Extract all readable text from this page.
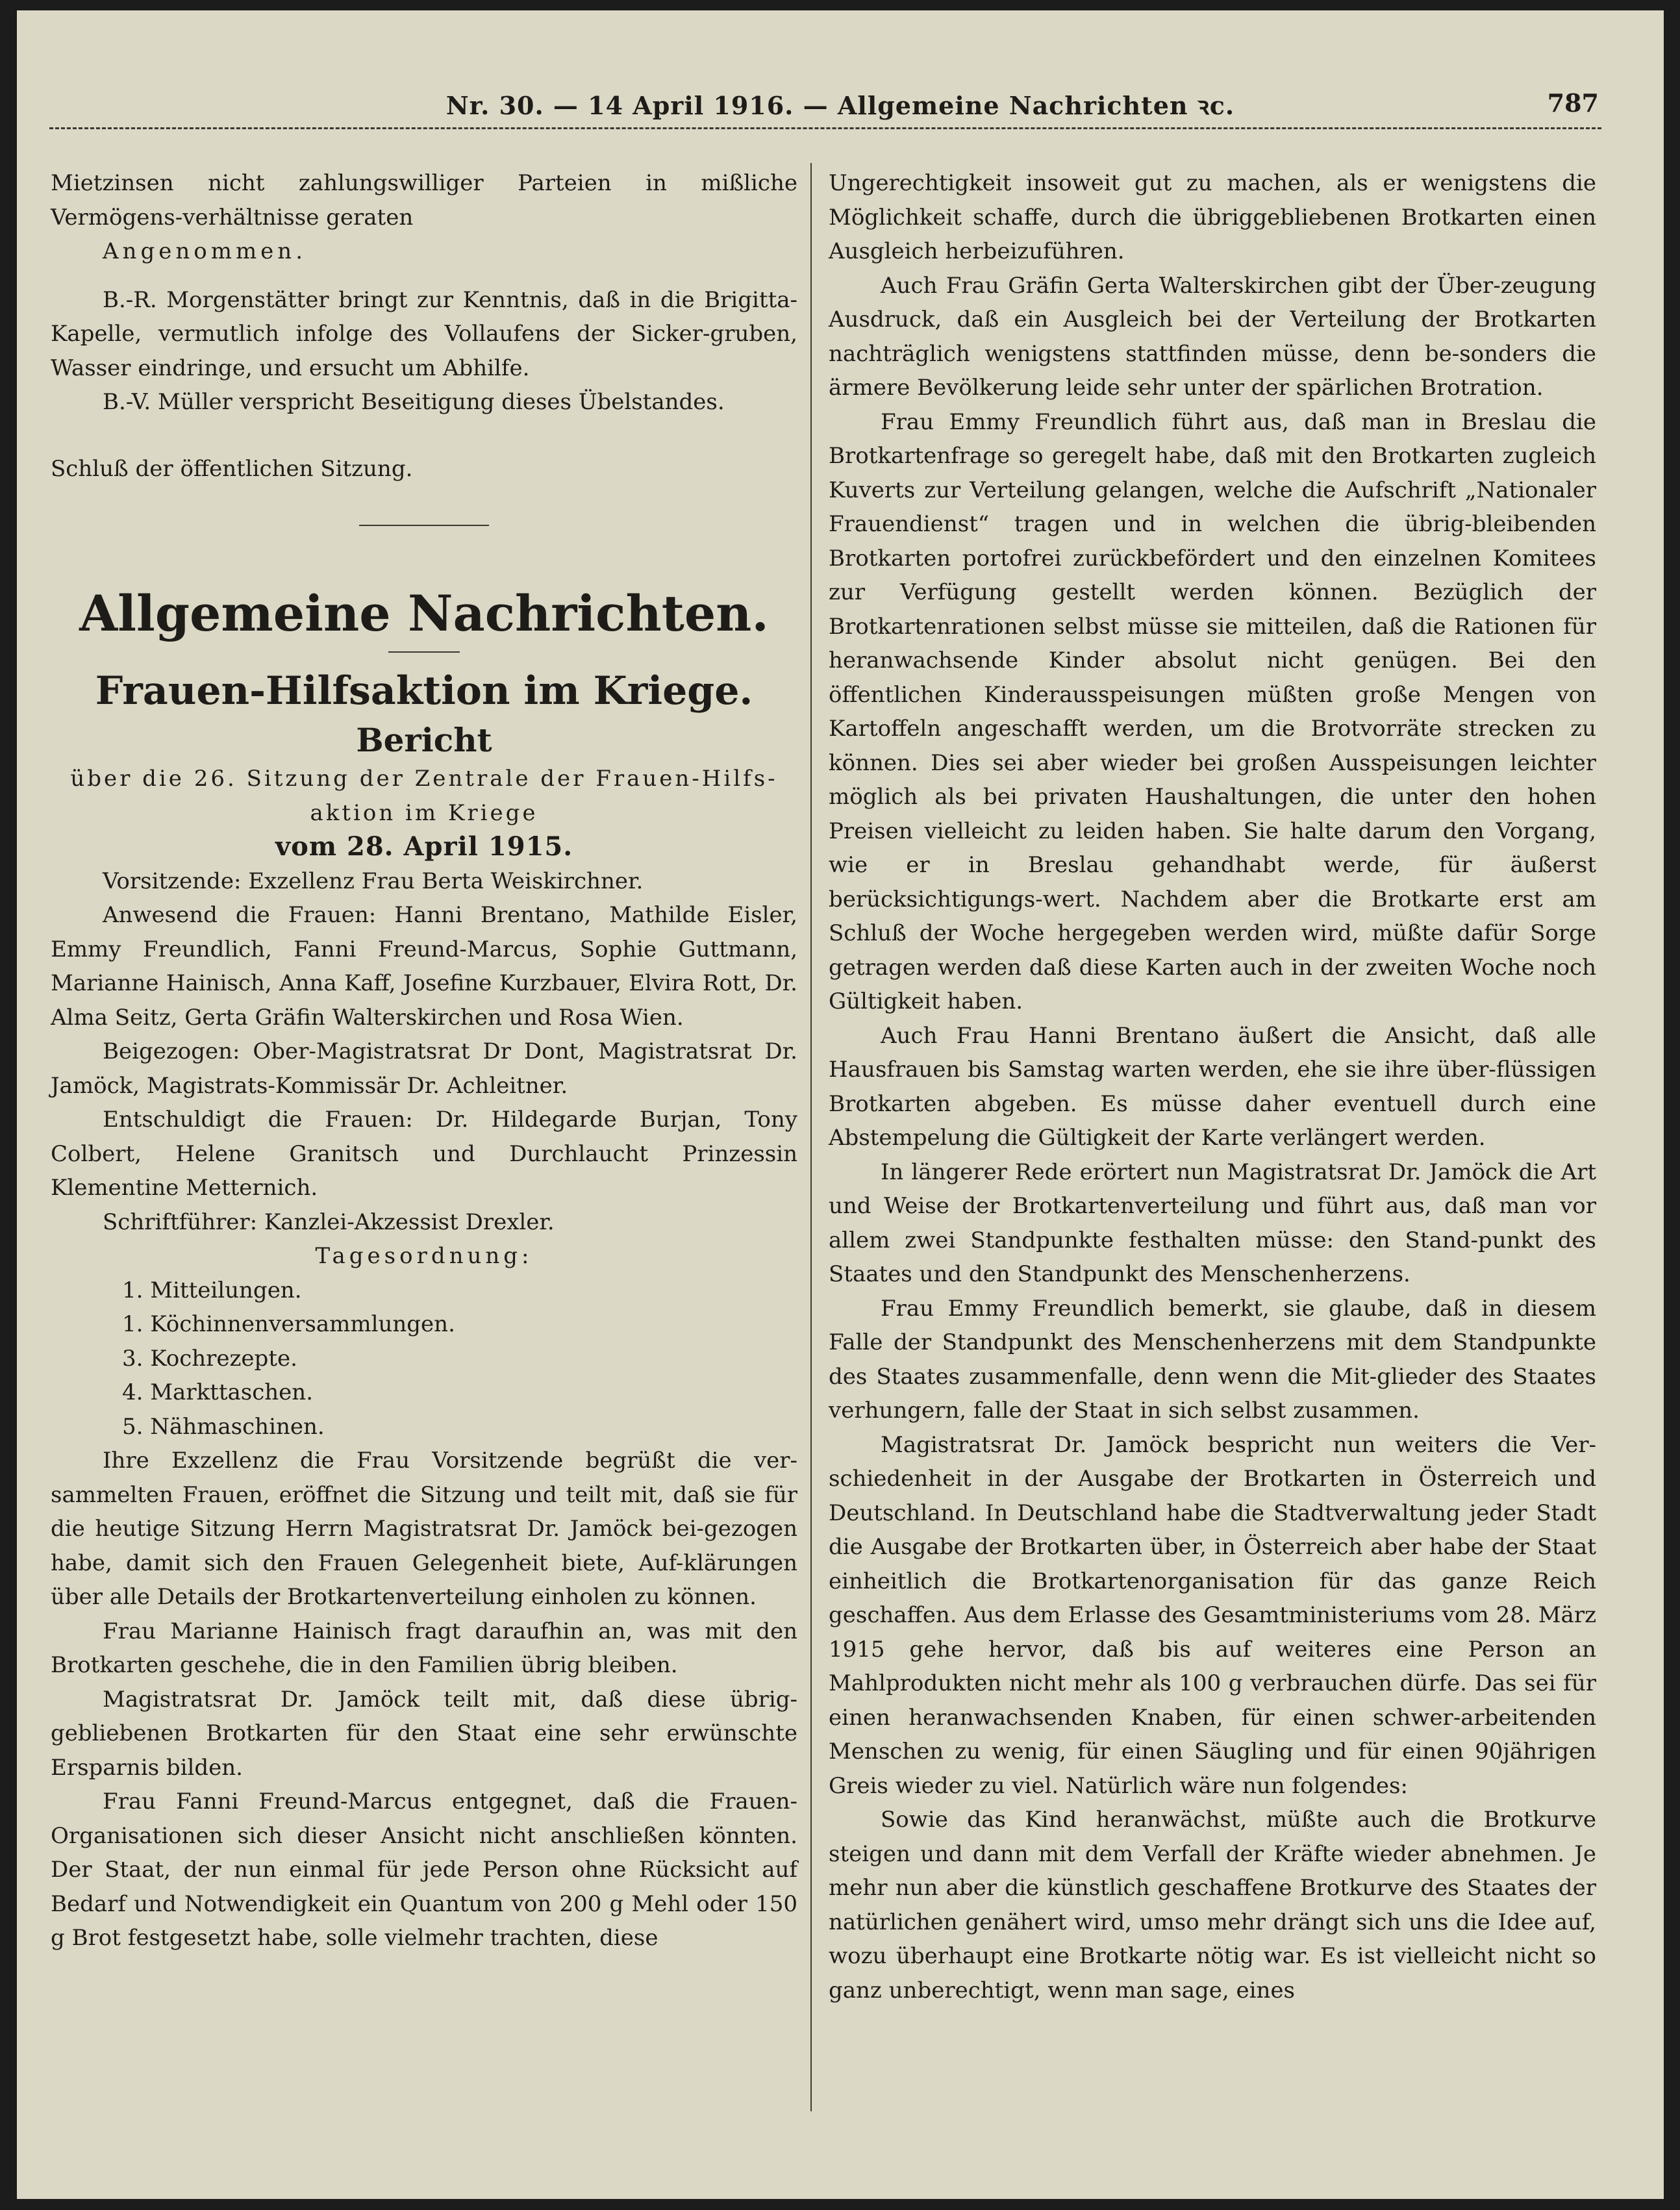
Nr. 30. — 14 April 1916. — Allgemeine Nachrichten ꝛc.	787

Mietzinsen nicht zahlungswilliger Parteien in mißliche Vermögens-verhältnisse geraten

Angenommen.

B.-R. Morgenstätter bringt zur Kenntnis, daß in die Brigitta-Kapelle, vermutlich infolge des Vollaufens der Sicker-gruben, Wasser eindringe, und ersucht um Abhilfe.

B.-V. Müller verspricht Beseitigung dieses Übelstandes.

Schluß der öffentlichen Sitzung.

Allgemeine Nachrichten.
Frauen-Hilfsaktion im Kriege.
Bericht

über die 26. Sitzung der Zentrale der Frauen-Hilfs-aktion im Kriege

vom 28. April 1915.

Vorsitzende: Exzellenz Frau Berta Weiskirchner.

Anwesend die Frauen: Hanni Brentano, Mathilde Eisler, Emmy Freundlich, Fanni Freund-Marcus, Sophie Guttmann, Marianne Hainisch, Anna Kaff, Josefine Kurzbauer, Elvira Rott, Dr. Alma Seitz, Gerta Gräfin Walterskirchen und Rosa Wien.

Beigezogen: Ober-Magistratsrat Dr Dont, Magistratsrat Dr. Jamöck, Magistrats-Kommissär Dr. Achleitner.

Entschuldigt die Frauen: Dr. Hildegarde Burjan, Tony Colbert, Helene Granitsch und Durchlaucht Prinzessin Klementine Metternich.

Schriftführer: Kanzlei-Akzessist Drexler.

Tagesordnung:

1. Mitteilungen.
1. Köchinnenversammlungen.
3. Kochrezepte.
4. Markttaschen.
5. Nähmaschinen.

Ihre Exzellenz die Frau Vorsitzende begrüßt die ver-sammelten Frauen, eröffnet die Sitzung und teilt mit, daß sie für die heutige Sitzung Herrn Magistratsrat Dr. Jamöck bei-gezogen habe, damit sich den Frauen Gelegenheit biete, Auf-klärungen über alle Details der Brotkartenverteilung einholen zu können.

Frau Marianne Hainisch fragt daraufhin an, was mit den Brotkarten geschehe, die in den Familien übrig bleiben.

Magistratsrat Dr. Jamöck teilt mit, daß diese übrig-gebliebenen Brotkarten für den Staat eine sehr erwünschte Ersparnis bilden.

Frau Fanni Freund-Marcus entgegnet, daß die Frauen-Organisationen sich dieser Ansicht nicht anschließen könnten. Der Staat, der nun einmal für jede Person ohne Rücksicht auf Bedarf und Notwendigkeit ein Quantum von 200 g Mehl oder 150 g Brot festgesetzt habe, solle vielmehr trachten, diese

Ungerechtigkeit insoweit gut zu machen, als er wenigstens die Möglichkeit schaffe, durch die übriggebliebenen Brotkarten einen Ausgleich herbeizuführen.

Auch Frau Gräfin Gerta Walterskirchen gibt der Über-zeugung Ausdruck, daß ein Ausgleich bei der Verteilung der Brotkarten nachträglich wenigstens stattfinden müsse, denn be-sonders die ärmere Bevölkerung leide sehr unter der spärlichen Brotration.

Frau Emmy Freundlich führt aus, daß man in Breslau die Brotkartenfrage so geregelt habe, daß mit den Brotkarten zugleich Kuverts zur Verteilung gelangen, welche die Aufschrift „Nationaler Frauendienst“ tragen und in welchen die übrig-bleibenden Brotkarten portofrei zurückbefördert und den einzelnen Komitees zur Verfügung gestellt werden können. Bezüglich der Brotkartenrationen selbst müsse sie mitteilen, daß die Rationen für heranwachsende Kinder absolut nicht genügen. Bei den öffentlichen Kinderausspeisungen müßten große Mengen von Kartoffeln angeschafft werden, um die Brotvorräte strecken zu können. Dies sei aber wieder bei großen Ausspeisungen leichter möglich als bei privaten Haushaltungen, die unter den hohen Preisen vielleicht zu leiden haben. Sie halte darum den Vorgang, wie er in Breslau gehandhabt werde, für äußerst berücksichtigungs-wert. Nachdem aber die Brotkarte erst am Schluß der Woche hergegeben werden wird, müßte dafür Sorge getragen werden daß diese Karten auch in der zweiten Woche noch Gültigkeit haben.

Auch Frau Hanni Brentano äußert die Ansicht, daß alle Hausfrauen bis Samstag warten werden, ehe sie ihre über-flüssigen Brotkarten abgeben. Es müsse daher eventuell durch eine Abstempelung die Gültigkeit der Karte verlängert werden.

In längerer Rede erörtert nun Magistratsrat Dr. Jamöck die Art und Weise der Brotkartenverteilung und führt aus, daß man vor allem zwei Standpunkte festhalten müsse: den Stand-punkt des Staates und den Standpunkt des Menschenherzens.

Frau Emmy Freundlich bemerkt, sie glaube, daß in diesem Falle der Standpunkt des Menschenherzens mit dem Standpunkte des Staates zusammenfalle, denn wenn die Mit-glieder des Staates verhungern, falle der Staat in sich selbst zusammen.

Magistratsrat Dr. Jamöck bespricht nun weiters die Ver-schiedenheit in der Ausgabe der Brotkarten in Österreich und Deutschland. In Deutschland habe die Stadtverwaltung jeder Stadt die Ausgabe der Brotkarten über, in Österreich aber habe der Staat einheitlich die Brotkartenorganisation für das ganze Reich geschaffen. Aus dem Erlasse des Gesamtministeriums vom 28. März 1915 gehe hervor, daß bis auf weiteres eine Person an Mahlprodukten nicht mehr als 100 g verbrauchen dürfe. Das sei für einen heranwachsenden Knaben, für einen schwer-arbeitenden Menschen zu wenig, für einen Säugling und für einen 90jährigen Greis wieder zu viel. Natürlich wäre nun folgendes:

Sowie das Kind heranwächst, müßte auch die Brotkurve steigen und dann mit dem Verfall der Kräfte wieder abnehmen. Je mehr nun aber die künstlich geschaffene Brotkurve des Staates der natürlichen genähert wird, umso mehr drängt sich uns die Idee auf, wozu überhaupt eine Brotkarte nötig war. Es ist vielleicht nicht so ganz unberechtigt, wenn man sage, eines
